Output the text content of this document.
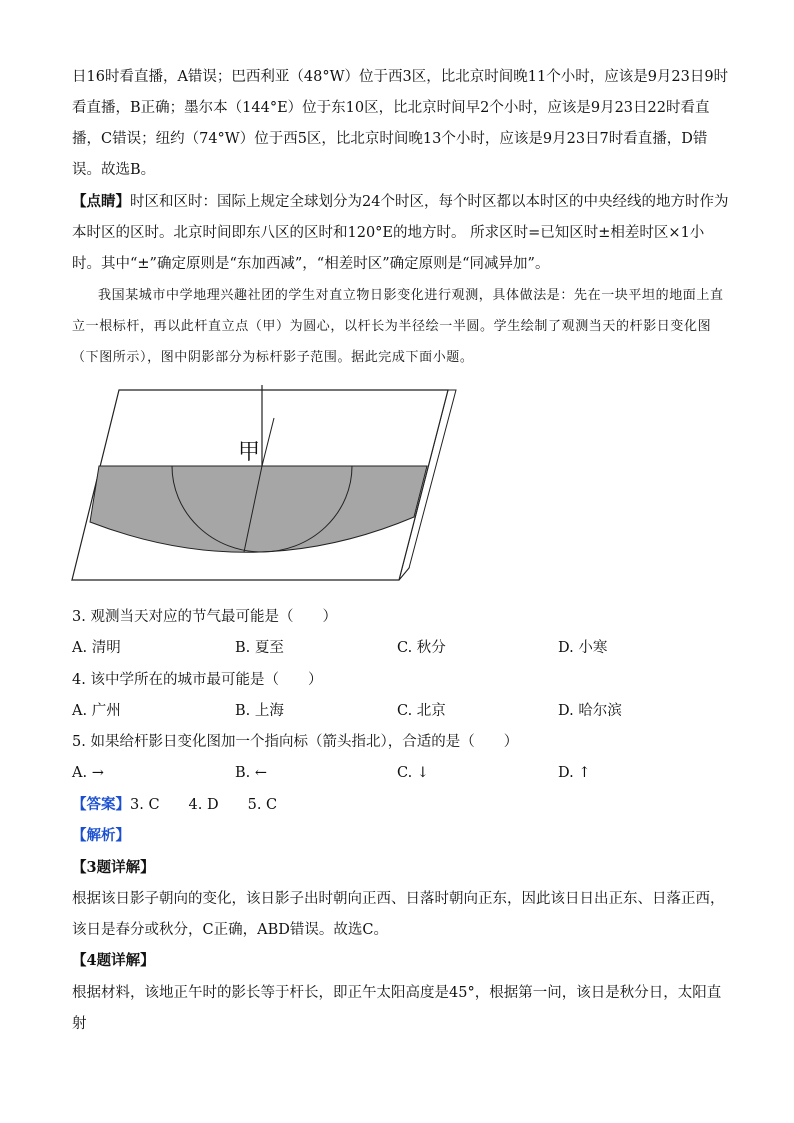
日16时看直播，A错误；巴西利亚（48°W）位于西3区，比北京时间晚11个小时，应该是9月23日9时看直播，B正确；墨尔本（144°E）位于东10区，比北京时间早2个小时，应该是9月23日22时看直播，C错误；纽约（74°W）位于西5区，比北京时间晚13个小时，应该是9月23日7时看直播，D错误。故选B。

【点睛】时区和区时：国际上规定全球划分为24个时区，每个时区都以本时区的中央经线的地方时作为本时区的区时。北京时间即东八区的区时和120°E的地方时。 所求区时=已知区时±相差时区×1小时。其中“±”确定原则是“东加西减”，“相差时区”确定原则是“同减异加”。

我国某城市中学地理兴趣社团的学生对直立物日影变化进行观测，具体做法是：先在一块平坦的地面上直立一根标杆，再以此杆直立点（甲）为圆心，以杆长为半径绘一半圆。学生绘制了观测当天的杆影日变化图（下图所示），图中阴影部分为标杆影子范围。据此完成下面小题。

甲
3. 观测当天对应的节气最可能是（　　）
A. 清明	B. 夏至	C. 秋分	D. 小寒
4. 该中学所在的城市最可能是（　　）
A. 广州	B. 上海	C. 北京	D. 哈尔滨
5. 如果给杆影日变化图加一个指向标（箭头指北），合适的是（　　）
A. →	B. ←	C. ↓	D. ↑
【答案】3. C　　4. D　　5. C
【解析】
【3题详解】

根据该日影子朝向的变化，该日影子出时朝向正西、日落时朝向正东，因此该日日出正东、日落正西，该日是春分或秋分，C正确，ABD错误。故选C。

【4题详解】

根据材料，该地正午时的影长等于杆长，即正午太阳高度是45°，根据第一问，该日是秋分日，太阳直射
